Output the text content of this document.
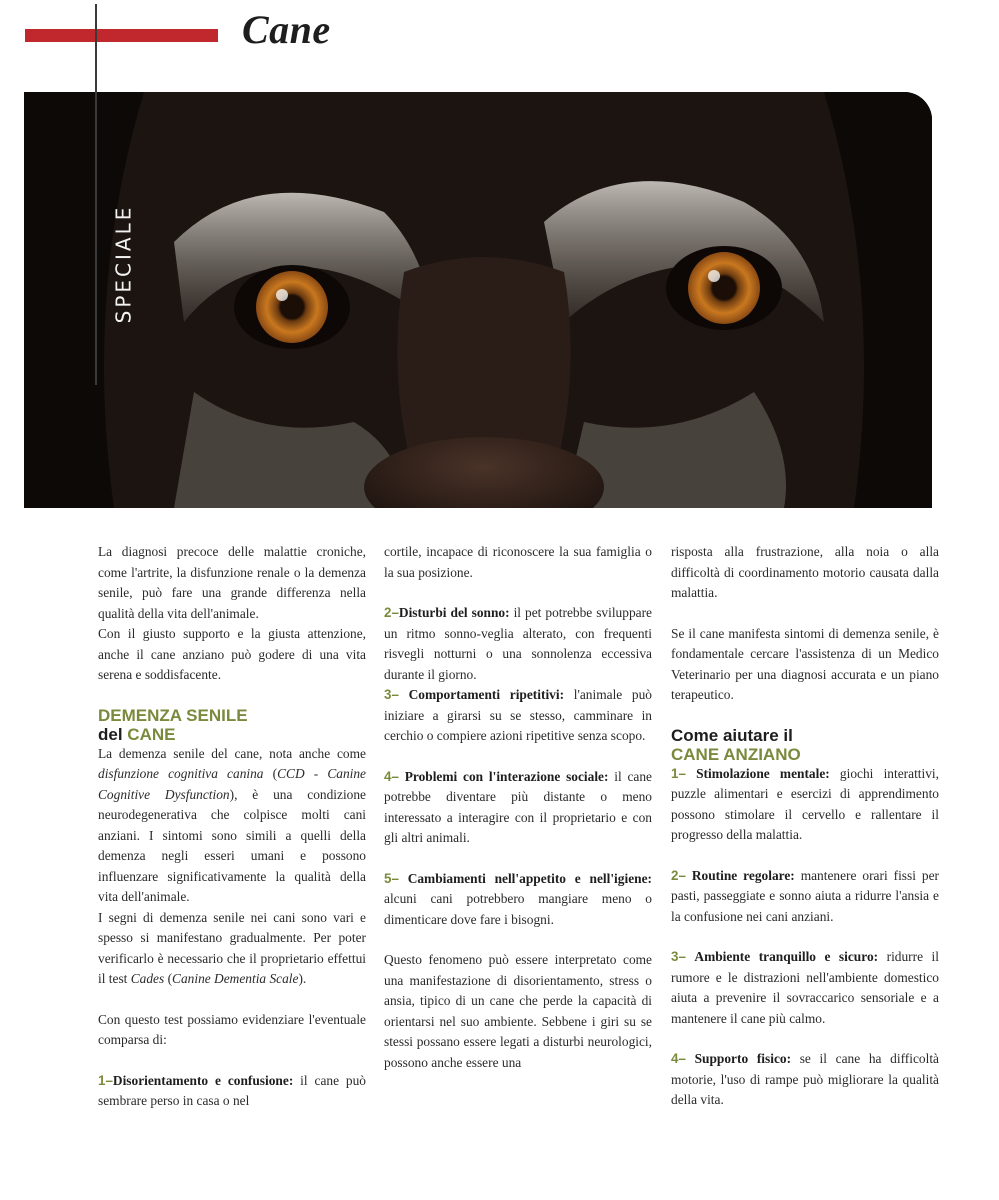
Cane
SPECIALE

La diagnosi precoce delle malattie croniche, come l'artrite, la disfunzione renale o la demenza senile, può fare una grande differenza nella qualità della vita dell'animale.

Con il giusto supporto e la giusta attenzione, anche il cane anziano può godere di una vita serena e soddisfacente.

DEMENZA SENILE
del CANE

La demenza senile del cane, nota anche come disfunzione cognitiva canina (CCD - Canine Cognitive Dysfunction), è una condizione neurodegenerativa che colpisce molti cani anziani. I sintomi sono simili a quelli della demenza negli esseri umani e possono influenzare significativamente la qualità della vita dell'animale.

I segni di demenza senile nei cani sono vari e spesso si manifestano gradualmente. Per poter verificarlo è necessario che il proprietario effettui il test Cades (Canine Dementia Scale).

Con questo test possiamo evidenziare l'eventuale comparsa di:

1–Disorientamento e confusione: il cane può sembrare perso in casa o nel

cortile, incapace di riconoscere la sua famiglia o la sua posizione.

2–Disturbi del sonno: il pet potrebbe sviluppare un ritmo sonno-veglia alterato, con frequenti risvegli notturni o una sonnolenza eccessiva durante il giorno.

3– Comportamenti ripetitivi: l'animale può iniziare a girarsi su se stesso, camminare in cerchio o compiere azioni ripetitive senza scopo.

4– Problemi con l'interazione sociale: il cane potrebbe diventare più distante o meno interessato a interagire con il proprietario e con gli altri animali.

5– Cambiamenti nell'appetito e nell'igiene: alcuni cani potrebbero mangiare meno o dimenticare dove fare i bisogni.

Questo fenomeno può essere interpretato come una manifestazione di disorientamento, stress o ansia, tipico di un cane che perde la capacità di orientarsi nel suo ambiente. Sebbene i giri su se stessi possano essere legati a disturbi neurologici, possono anche essere una

risposta alla frustrazione, alla noia o alla difficoltà di coordinamento motorio causata dalla malattia.

Se il cane manifesta sintomi di demenza senile, è fondamentale cercare l'assistenza di un Medico Veterinario per una diagnosi accurata e un piano terapeutico.

Come aiutare il
CANE ANZIANO

1– Stimolazione mentale: giochi interattivi, puzzle alimentari e esercizi di apprendimento possono stimolare il cervello e rallentare il progresso della malattia.

2– Routine regolare: mantenere orari fissi per pasti, passeggiate e sonno aiuta a ridurre l'ansia e la confusione nei cani anziani.

3– Ambiente tranquillo e sicuro: ridurre il rumore e le distrazioni nell'ambiente domestico aiuta a prevenire il sovraccarico sensoriale e a mantenere il cane più calmo.

4– Supporto fisico: se il cane ha difficoltà motorie, l'uso di rampe può migliorare la qualità della vita.
